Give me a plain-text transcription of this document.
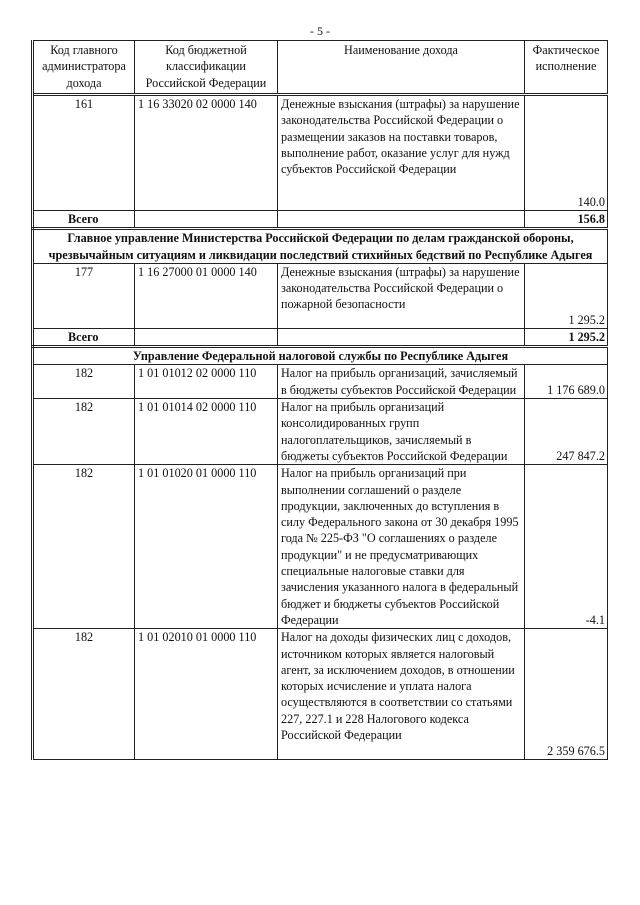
- 5 -
Код главного администратора дохода	Код бюджетной классификации Российской Федерации	Наименование дохода	Фактическое исполнение
161	1 16 33020 02 0000 140	Денежные взыскания (штрафы) за нарушение законодательства Российской Федерации о размещении заказов на поставки товаров, выполнение работ, оказание услуг для нужд субъектов Российской Федерации	140.0
Всего			156.8
Главное управление Министерства Российской Федерации по делам гражданской обороны, чрезвычайным ситуациям и ликвидации последствий стихийных бедствий по Республике Адыгея			
177	1 16 27000 01 0000 140	Денежные взыскания (штрафы) за нарушение законодательства Российской Федерации о пожарной безопасности	1 295.2
Всего			1 295.2
Управление Федеральной налоговой службы по Республике Адыгея			
182	1 01 01012 02 0000 110	Налог на прибыль организаций, зачисляемый в бюджеты субъектов Российской Федерации	1 176 689.0
182	1 01 01014 02 0000 110	Налог на прибыль организаций консолидированных групп налогоплательщиков, зачисляемый в бюджеты субъектов Российской Федерации	247 847.2
182	1 01 01020 01 0000 110	Налог на прибыль организаций при выполнении соглашений о разделе продукции, заключенных до вступления в силу Федерального закона от 30 декабря 1995 года № 225-ФЗ "О соглашениях о разделе продукции" и не предусматривающих специальные налоговые ставки для зачисления указанного налога в федеральный бюджет и бюджеты субъектов Российской Федерации	-4.1
182	1 01 02010 01 0000 110	Налог на доходы физических лиц с доходов, источником которых является налоговый агент, за исключением доходов, в отношении которых исчисление и уплата налога осуществляются в соответствии со статьями 227, 227.1 и 228 Налогового кодекса Российской Федерации	2 359 676.5
